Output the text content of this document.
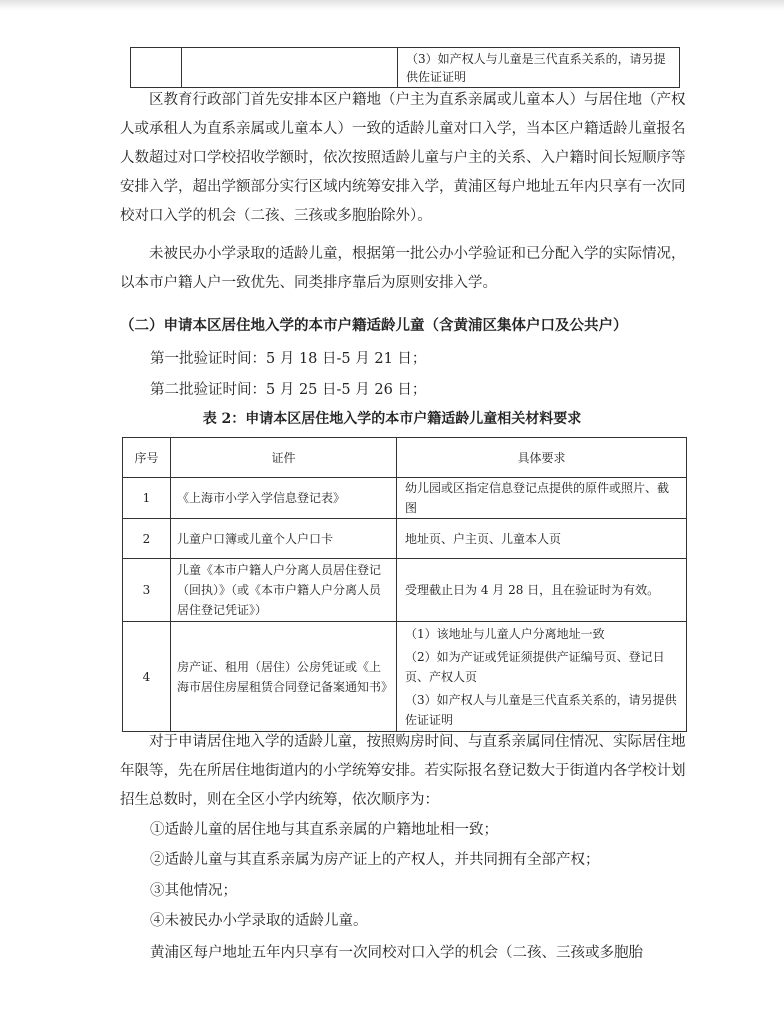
		（3）如产权人与儿童是三代直系关系的，请另提供佐证证明

区教育行政部门首先安排本区户籍地（户主为直系亲属或儿童本人）与居住地（产权人或承租人为直系亲属或儿童本人）一致的适龄儿童对口入学，当本区户籍适龄儿童报名人数超过对口学校招收学额时，依次按照适龄儿童与户主的关系、入户籍时间长短顺序等安排入学，超出学额部分实行区域内统筹安排入学，黄浦区每户地址五年内只享有一次同校对口入学的机会（二孩、三孩或多胞胎除外）。

未被民办小学录取的适龄儿童，根据第一批公办小学验证和已分配入学的实际情况，以本市户籍人户一致优先、同类排序靠后为原则安排入学。

（二）申请本区居住地入学的本市户籍适龄儿童（含黄浦区集体户口及公共户）

第一批验证时间：5 月 18 日-5 月 21 日；

第二批验证时间：5 月 25 日-5 月 26 日；

表 2：申请本区居住地入学的本市户籍适龄儿童相关材料要求

序号	证件	具体要求
1	《上海市小学入学信息登记表》	幼儿园或区指定信息登记点提供的原件或照片、截图

2	儿童户口簿或儿童个人户口卡	地址页、户主页、儿童本人页

3	儿童《本市户籍人户分离人员居住登记（回执）》（或《本市户籍人户分离人员居住登记凭证》）	受理截止日为 4 月 28 日，且在验证时为有效。

4	房产证、租用（居住）公房凭证或《上海市居住房屋租赁合同登记备案通知书》	（1）该地址与儿童人户分离地址一致
（2）如为产证或凭证须提供产证编号页、登记日页、产权人页
（3）如产权人与儿童是三代直系关系的，请另提供佐证证明

对于申请居住地入学的适龄儿童，按照购房时间、与直系亲属同住情况、实际居住地年限等，先在所居住地街道内的小学统筹安排。若实际报名登记数大于街道内各学校计划招生总数时，则在全区小学内统筹，依次顺序为：

①适龄儿童的居住地与其直系亲属的户籍地址相一致；

②适龄儿童与其直系亲属为房产证上的产权人，并共同拥有全部产权；

③其他情况；

④未被民办小学录取的适龄儿童。

黄浦区每户地址五年内只享有一次同校对口入学的机会（二孩、三孩或多胞胎
